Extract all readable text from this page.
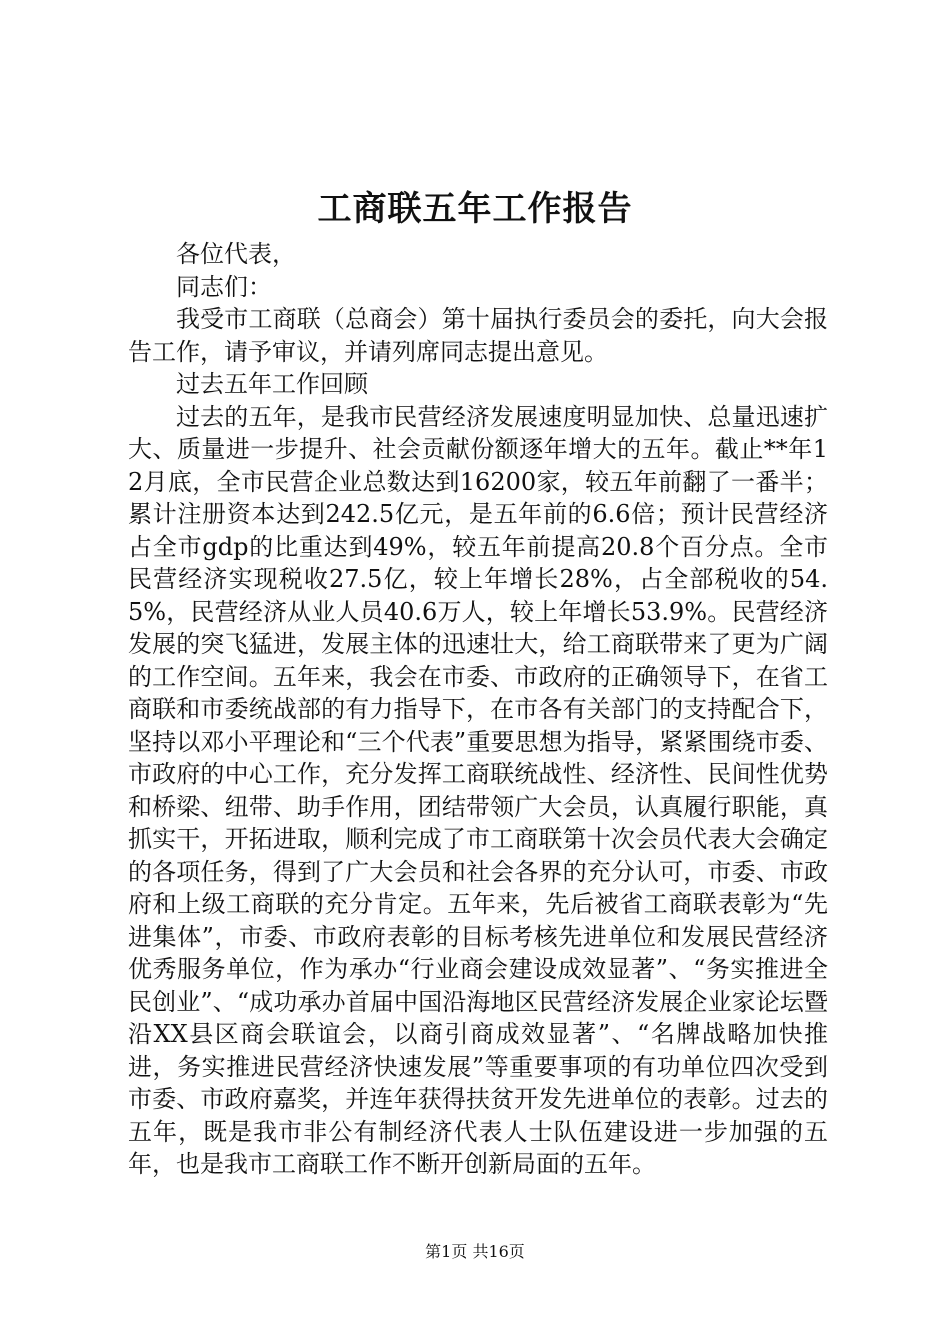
工商联五年工作报告

各位代表，

同志们：

我受市工商联（总商会）第十届执行委员会的委托，向大会报告工作，请予审议，并请列席同志提出意见。

过去五年工作回顾

过去的五年，是我市民营经济发展速度明显加快、总量迅速扩大、质量进一步提升、社会贡献份额逐年增大的五年。截止**年12月底，全市民营企业总数达到16200家，较五年前翻了一番半；累计注册资本达到242.5亿元，是五年前的6.6倍；预计民营经济占全市gdp的比重达到49%，较五年前提高20.8个百分点。全市民营经济实现税收27.5亿，较上年增长28%，占全部税收的54.5%，民营经济从业人员40.6万人，较上年增长53.9%。民营经济发展的突飞猛进，发展主体的迅速壮大，给工商联带来了更为广阔的工作空间。五年来，我会在市委、市政府的正确领导下，在省工商联和市委统战部的有力指导下，在市各有关部门的支持配合下，坚持以邓小平理论和“三个代表”重要思想为指导，紧紧围绕市委、市政府的中心工作，充分发挥工商联统战性、经济性、民间性优势和桥梁、纽带、助手作用，团结带领广大会员，认真履行职能，真抓实干，开拓进取，顺利完成了市工商联第十次会员代表大会确定的各项任务，得到了广大会员和社会各界的充分认可，市委、市政府和上级工商联的充分肯定。五年来，先后被省工商联表彰为“先进集体”，市委、市政府表彰的目标考核先进单位和发展民营经济优秀服务单位，作为承办“行业商会建设成效显著”、“务实推进全民创业”、“成功承办首届中国沿海地区民营经济发展企业家论坛暨沿XX县区商会联谊会，以商引商成效显著”、“名牌战略加快推进，务实推进民营经济快速发展”等重要事项的有功单位四次受到市委、市政府嘉奖，并连年获得扶贫开发先进单位的表彰。过去的五年，既是我市非公有制经济代表人士队伍建设进一步加强的五年，也是我市工商联工作不断开创新局面的五年。

第1页 共16页
